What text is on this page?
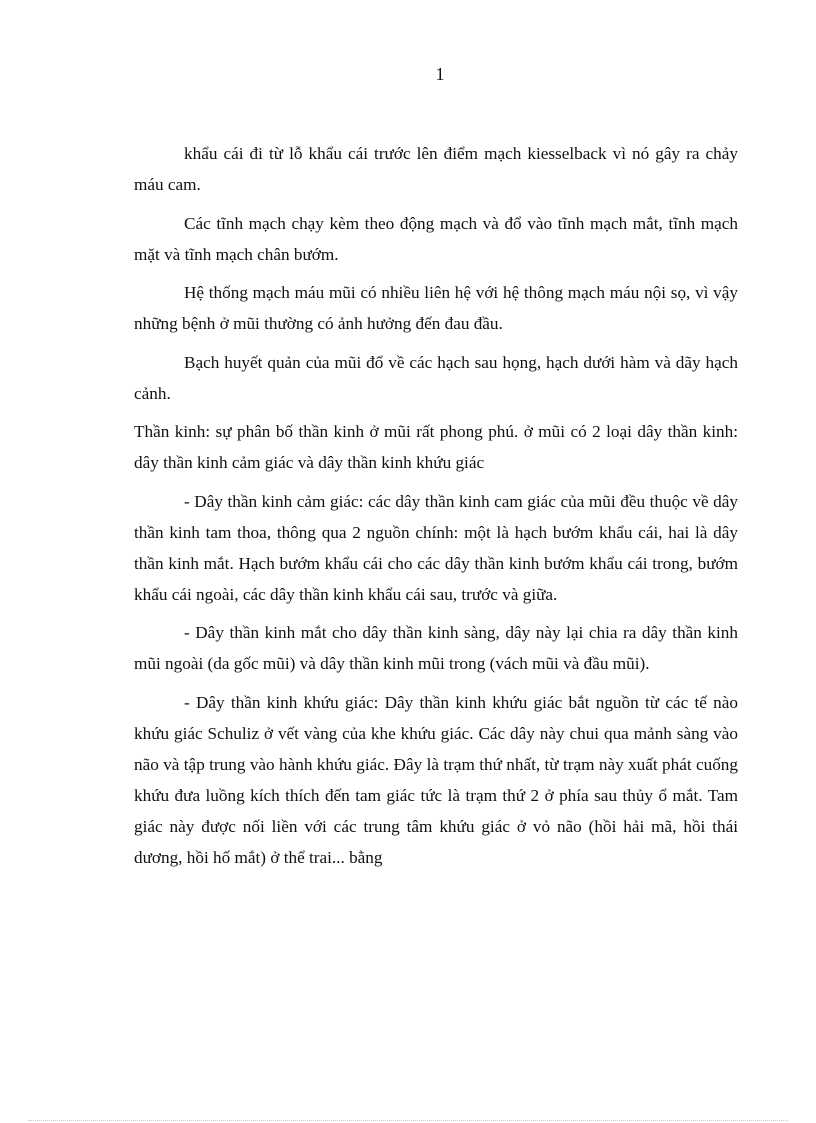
1

khẩu cái đi từ lỗ khẩu cái trước lên điểm mạch kiesselback vì nó gây ra chảy máu cam.

Các tĩnh mạch chạy kèm theo động mạch và đổ vào tĩnh mạch mắt, tĩnh mạch mặt và tĩnh mạch chân bướm.

Hệ thống mạch máu mũi có nhiều liên hệ với hệ thông mạch máu nội sọ, vì vậy những bệnh ở mũi thường có ảnh hưởng đến đau đầu.

Bạch huyết quản của mũi đổ về các hạch sau họng, hạch dưới hàm và dãy hạch cảnh.

Thần kinh: sự phân bố thần kinh ở mũi rất phong phú. ở mũi có 2 loại dây thần kinh: dây thần kinh cảm giác và dây thần kinh khứu giác

- Dây thần kinh cảm giác: các dây thần kinh cam giác của mũi đều thuộc về dây thần kinh tam thoa, thông qua 2 nguồn chính: một là hạch bướm khẩu cái, hai là dây thần kinh mắt. Hạch bướm khẩu cái cho các dây thần kinh bướm khẩu cái trong, bướm khẩu cái ngoài, các dây thần kinh khẩu cái sau, trước và giữa.

- Dây thần kinh mắt cho dây thần kinh sàng, dây này lại chia ra dây thần kinh mũi ngoài (da gốc mũi) và dây thần kinh mũi trong (vách mũi và đầu mũi).

- Dây thần kinh khứu giác: Dây thần kinh khứu giác bắt nguồn từ các tế nào khứu giác Schuliz ở vết vàng của khe khứu giác. Các dây này chui qua mảnh sàng vào não và tập trung vào hành khứu giác. Đây là trạm thứ nhất, từ trạm này xuất phát cuống khứu đưa luồng kích thích đến tam giác tức là trạm thứ 2 ở phía sau thủy ổ mắt. Tam giác này được nối liền với các trung tâm khứu giác ở vỏ não (hồi hải mã, hồi thái dương, hồi hố mắt) ở thể trai... bằng
